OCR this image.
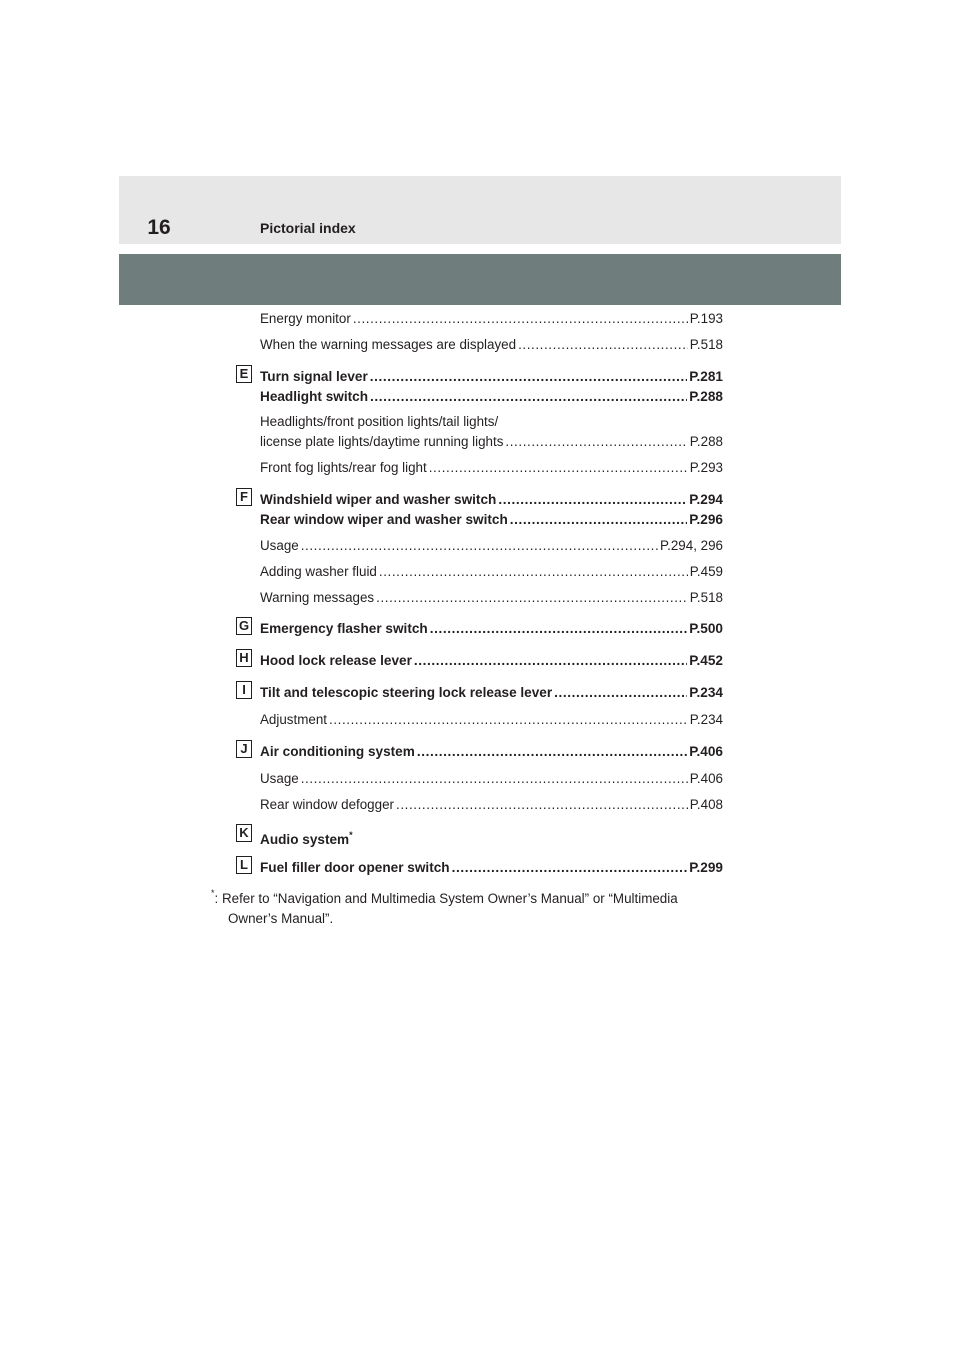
16	Pictorial index
Energy monitor .....	P.193
When the warning messages are displayed .....	P.518
E Turn signal lever .....	P.281
Headlight switch .....	P.288
Headlights/front position lights/tail lights/
license plate lights/daytime running lights .....	P.288
Front fog lights/rear fog light .....	P.293
F Windshield wiper and washer switch .....	P.294
Rear window wiper and washer switch .....	P.296
Usage .....	P.294, 296
Adding washer fluid .....	P.459
Warning messages .....	P.518
G Emergency flasher switch .....	P.500
H Hood lock release lever .....	P.452
I	Tilt and telescopic steering lock release lever .....	P.234
Adjustment .....	P.234
J Air conditioning system .....	P.406
Usage .....	P.406
Rear window defogger .....	P.408
K Audio system*
L Fuel filler door opener switch .....	P.299
*: Refer to “Navigation and Multimedia System Owner’s Manual” or “Multimedia
Owner’s Manual”.
